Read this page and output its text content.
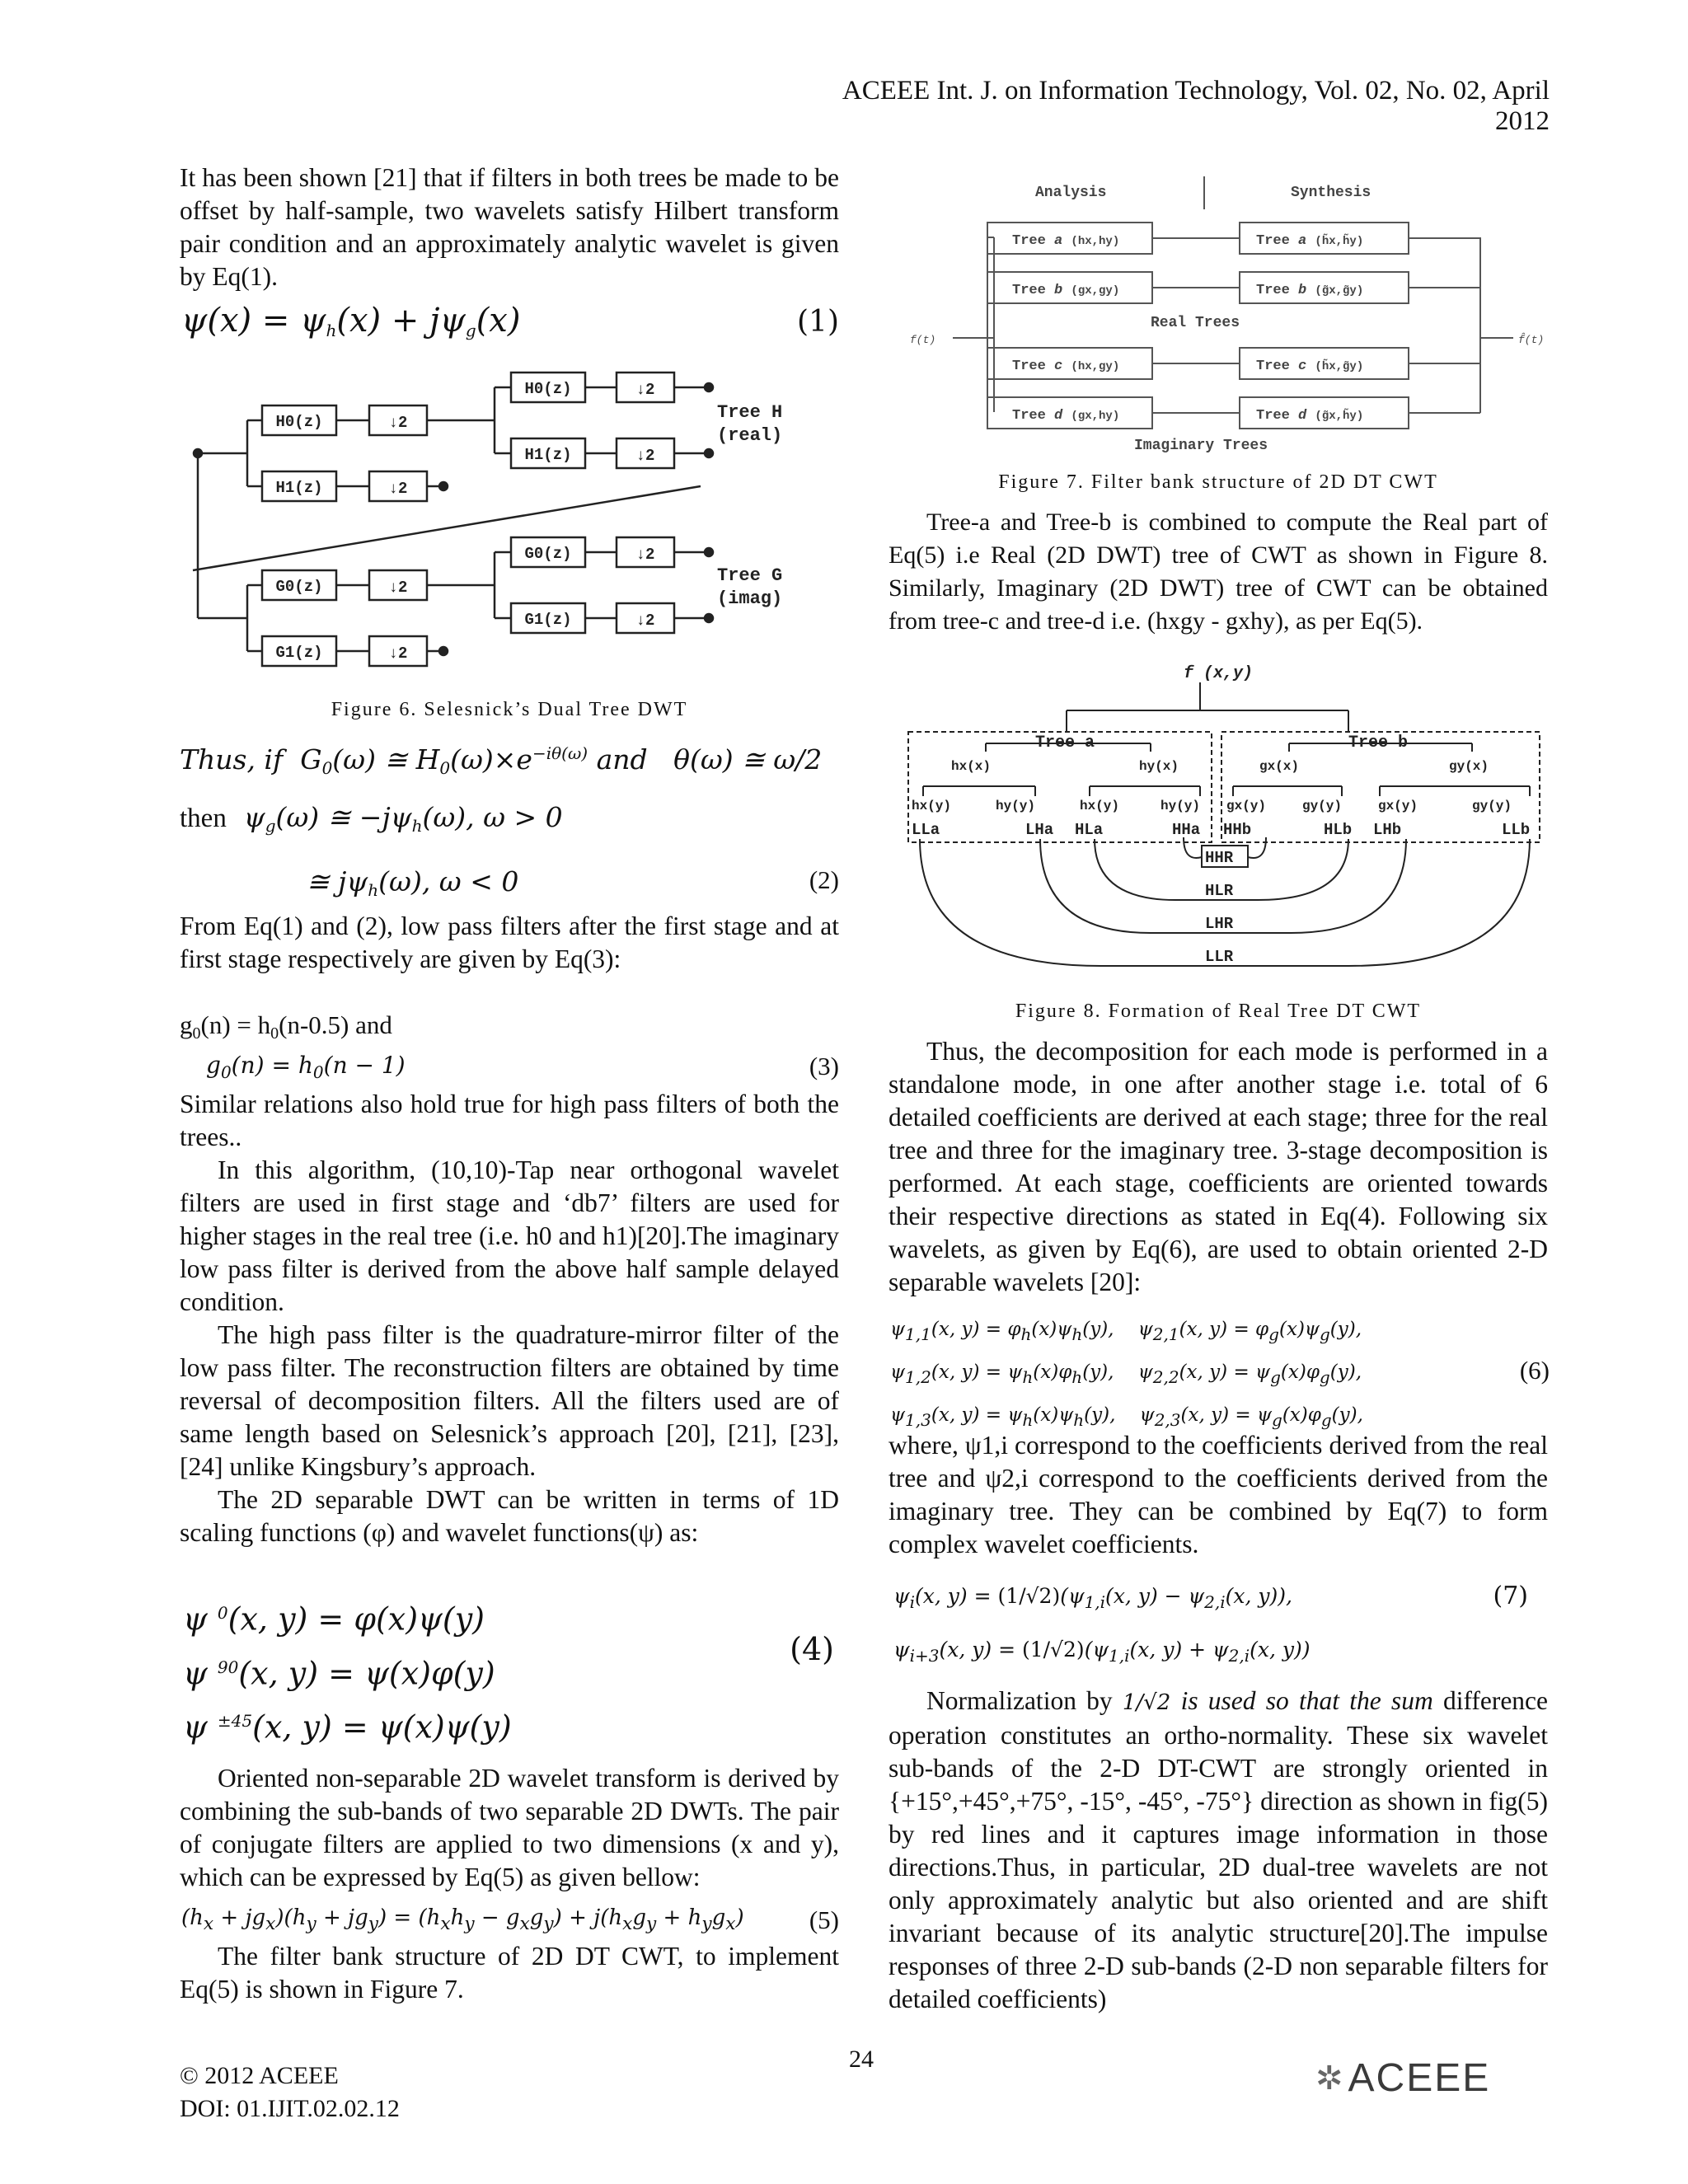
ACEEE Int. J. on Information Technology, Vol. 02, No. 02, April 2012

It has been shown [21] that if filters in both trees be made to be offset by half-sample, two wavelets satisfy Hilbert transform pair condition and an approximately analytic wavelet is given by Eq(1).

$\psi(x) = \psi_h(x) + j\psi_g(x)$	(1)
H0(z)
H1(z)
H0(z)
H1(z)
G0(z)
G1(z)
G0(z)
G1(z)
↓2
↓2
↓2
↓2
↓2
↓2
↓2
↓2
Tree H
(real)
Tree G
(imag)
Figure 6. Selesnick’s Dual Tree DWT
Thus, if $G_0(\omega)$ ≅ $H_0(\omega)\times e^{-i\theta(\omega)}$ and   θ(ω) ≅ ω/2
then  $\psi_g(\omega)$ ≅ $-j\psi_h(\omega)$, ω > 0
≅ $j\psi_h(\omega)$, ω < 0	(2)

From Eq(1) and (2), low pass filters after the first stage and at first stage respectively are given by Eq(3):

$g_0(n) = h_0(n-0.5)$ and
$g_0(n) = h_0(n - 1)$	(3)

Similar relations also hold true for high pass filters of both the trees..

In this algorithm, (10,10)-Tap near orthogonal wavelet filters are used in first stage and ‘db7’ filters are used for higher stages in the real tree (i.e. h0 and h1)[20].The imaginary low pass filter is derived from the above half sample delayed condition.

The high pass filter is the quadrature-mirror filter of the low pass filter. The reconstruction filters are obtained by time reversal of decomposition filters. All the filters used are of same length based on Selesnick’s approach [20], [21], [23], [24] unlike Kingsbury’s approach.

The 2D separable DWT can be written in terms of 1D scaling functions (φ) and wavelet functions(ψ) as:

ψ $^0$(x, y) = φ(x)ψ(y)
ψ $^{90}$(x, y) = ψ(x)φ(y)
ψ $^{\pm 45}$(x, y) = ψ(x)ψ(y)
(4)

Oriented non-separable 2D wavelet transform is derived by combining the sub-bands of two separable 2D DWTs. The pair of conjugate filters are applied to two dimensions (x and y), which can be expressed by Eq(5) as given bellow:

$(h_x + jg_x)(h_y + jg_y) = (h_xh_y - g_xg_y) + j(h_xg_y + h_yg_x)$	(5)

The filter bank structure of 2D DT CWT, to implement Eq(5) is shown in Figure 7.

Analysis	Synthesis
Real Trees
Imaginary Trees
f(t)	f̂(t)
Tree a (hx,hy)
Tree b (gx,gy)
Tree c (hx,gy)
Tree d (gx,hy)
Tree a (h̃x,h̃y)
Tree b (g̃x,g̃y)
Tree c (h̃x,g̃y)
Tree d (g̃x,h̃y)
Figure 7. Filter bank structure of 2D DT CWT

Tree-a and Tree-b is combined to compute the Real part of Eq(5) i.e Real (2D DWT) tree of CWT as shown in Figure 8. Similarly, Imaginary (2D DWT) tree of CWT can be obtained from tree-c and tree-d i.e. (hxgy - gxhy), as per Eq(5).

f (x,y)
Tree a	Tree b
hx(x)	hy(x)	gx(x)	gy(x)
hx(y)	hy(y)	hx(y)	hy(y) gx(y)	gy(y)	gx(y)	gy(y)
LLa	LHa HLa	HHa HHb	HLb LHb	LLb
HHR
HLR
LHR
LLR
Figure 8. Formation of Real Tree DT CWT

Thus, the decomposition for each mode is performed in a standalone mode, in one after another stage i.e. total of 6 detailed coefficients are derived at each stage; three for the real tree and three for the imaginary tree. 3-stage decomposition is performed. At each stage, coefficients are oriented towards their respective directions as stated in Eq(4). Following six wavelets, as given by Eq(6), are used to obtain oriented 2-D separable wavelets [20]:

ψ1,1(x, y) = φh(x)ψh(y),    ψ2,1(x, y) = φg(x)ψg(y),
ψ1,2(x, y) = ψh(x)φh(y),    ψ2,2(x, y) = ψg(x)φg(y),
ψ1,3(x, y) = ψh(x)ψh(y),    ψ2,3(x, y) = ψg(x)φg(y),
(6)

where, ψ1,i correspond to the coefficients derived from the real tree and ψ2,i correspond to the coefficients derived from the imaginary tree. They can be combined by Eq(7) to form complex wavelet coefficients.

$\psi_i(x$, $y) = (1/√2)(\psi_{1,i}(x$, $y) - \psi_{2,i}(x$, y)),
$\psi_{i+3}(x$, $y) = (1/√2)(\psi_{1,i}(x$, $y) + \psi_{2,i}(x$, y))
(7)

Normalization by 1/√2 is used so that the sum difference operation constitutes an ortho-normality. These six wavelet sub-bands of the 2-D DT-CWT are strongly oriented in {+15°,+45°,+75°, -15°, -45°, -75°} direction as shown in fig(5) by red lines and it captures image information in those directions.Thus, in particular, 2D dual-tree wavelets are not only approximately analytic but also oriented and are shift invariant because of its analytic structure[20].The impulse responses of three 2-D sub-bands (2-D non separable filters for detailed coefficients)

© 2012 ACEEE
DOI: 01.IJIT.02.02.12
24
✲ ACEEE
